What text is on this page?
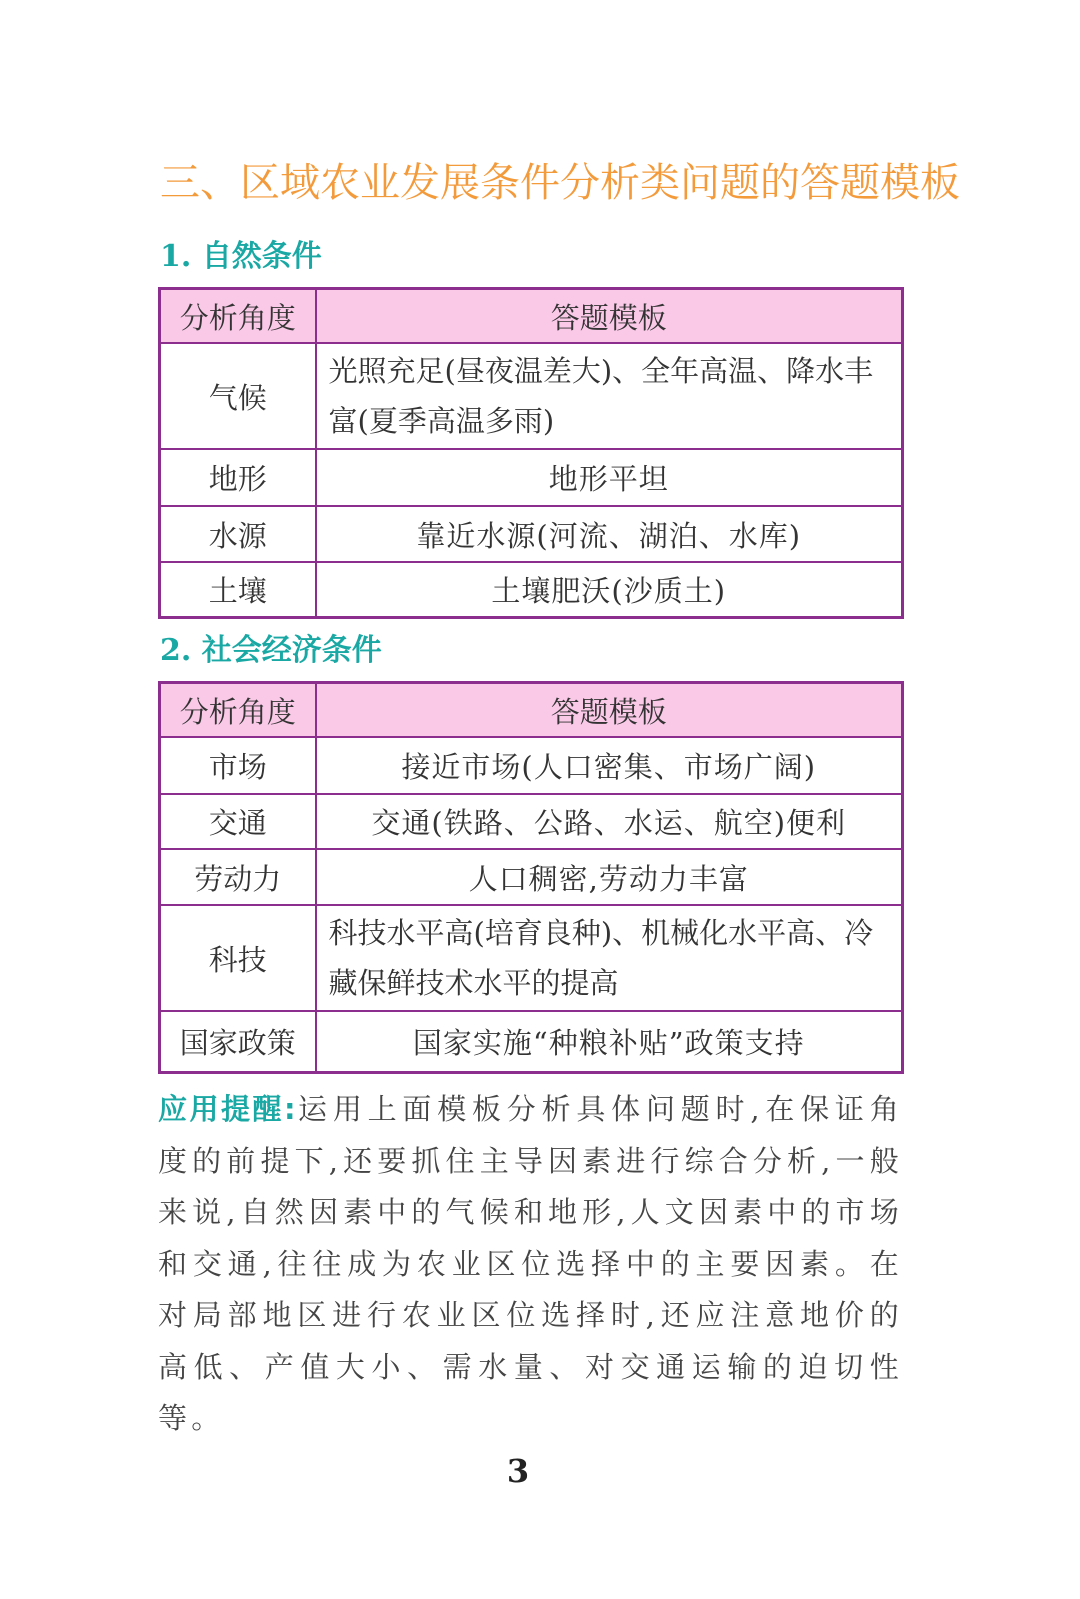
三、区域农业发展条件分析类问题的答题模板
1. 自然条件
分析角度	答题模板
气候	光照充足(昼夜温差大)、全年高温、降水丰富(夏季高温多雨)
地形	地形平坦
水源	靠近水源(河流、湖泊、水库)
土壤	土壤肥沃(沙质土)
2. 社会经济条件
分析角度	答题模板
市场	接近市场(人口密集、市场广阔)
交通	交通(铁路、公路、水运、航空)便利
劳动力	人口稠密,劳动力丰富
科技	科技水平高(培育良种)、机械化水平高、冷藏保鲜技术水平的提高
国家政策	国家实施“种粮补贴”政策支持

应用提醒:运用上面模板分析具体问题时,在保证角度的前提下,还要抓住主导因素进行综合分析,一般来说,自然因素中的气候和地形,人文因素中的市场和交通,往往成为农业区位选择中的主要因素。在对局部地区进行农业区位选择时,还应注意地价的高低、产值大小、需水量、对交通运输的迫切性等。

3
